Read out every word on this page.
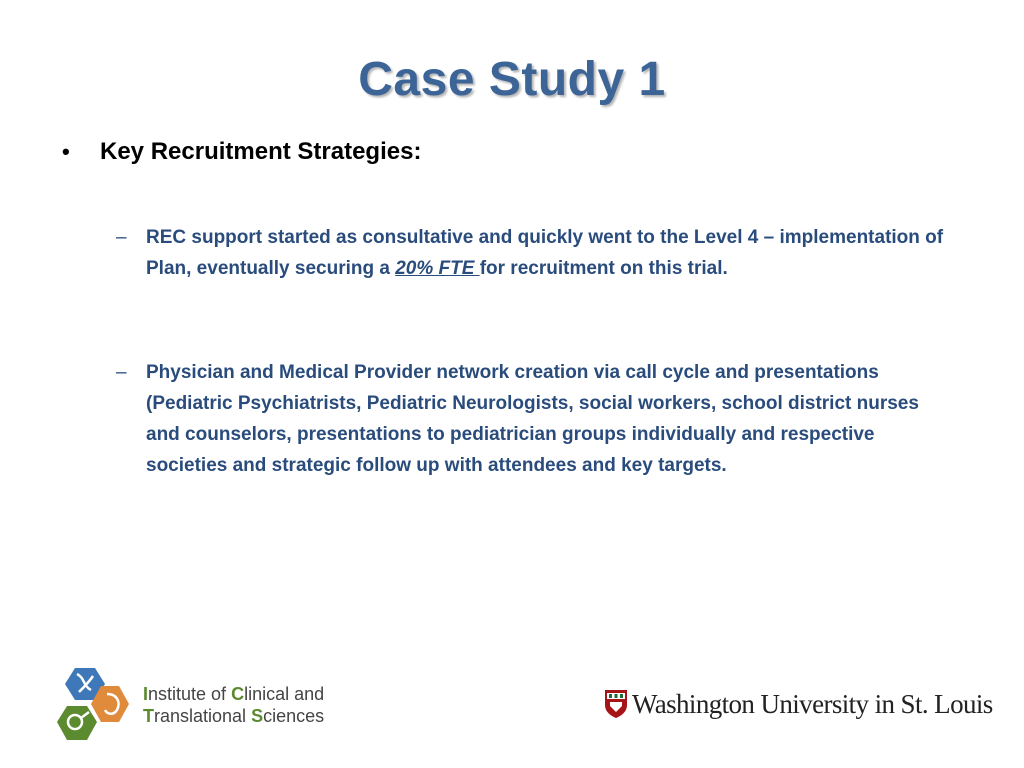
Case Study 1
•	Key Recruitment Strategies:
–	REC support started as consultative and quickly went to the Level 4 – implementation of Plan, eventually securing a 20% FTE for recruitment on this trial.
–	Physician and Medical Provider network creation via call cycle and presentations (Pediatric Psychiatrists, Pediatric Neurologists, social workers, school district nurses and counselors, presentations to pediatrician groups individually and respective societies and strategic follow up with attendees and key targets.
Institute of Clinical and
Translational Sciences	Washington University in St. Louis
